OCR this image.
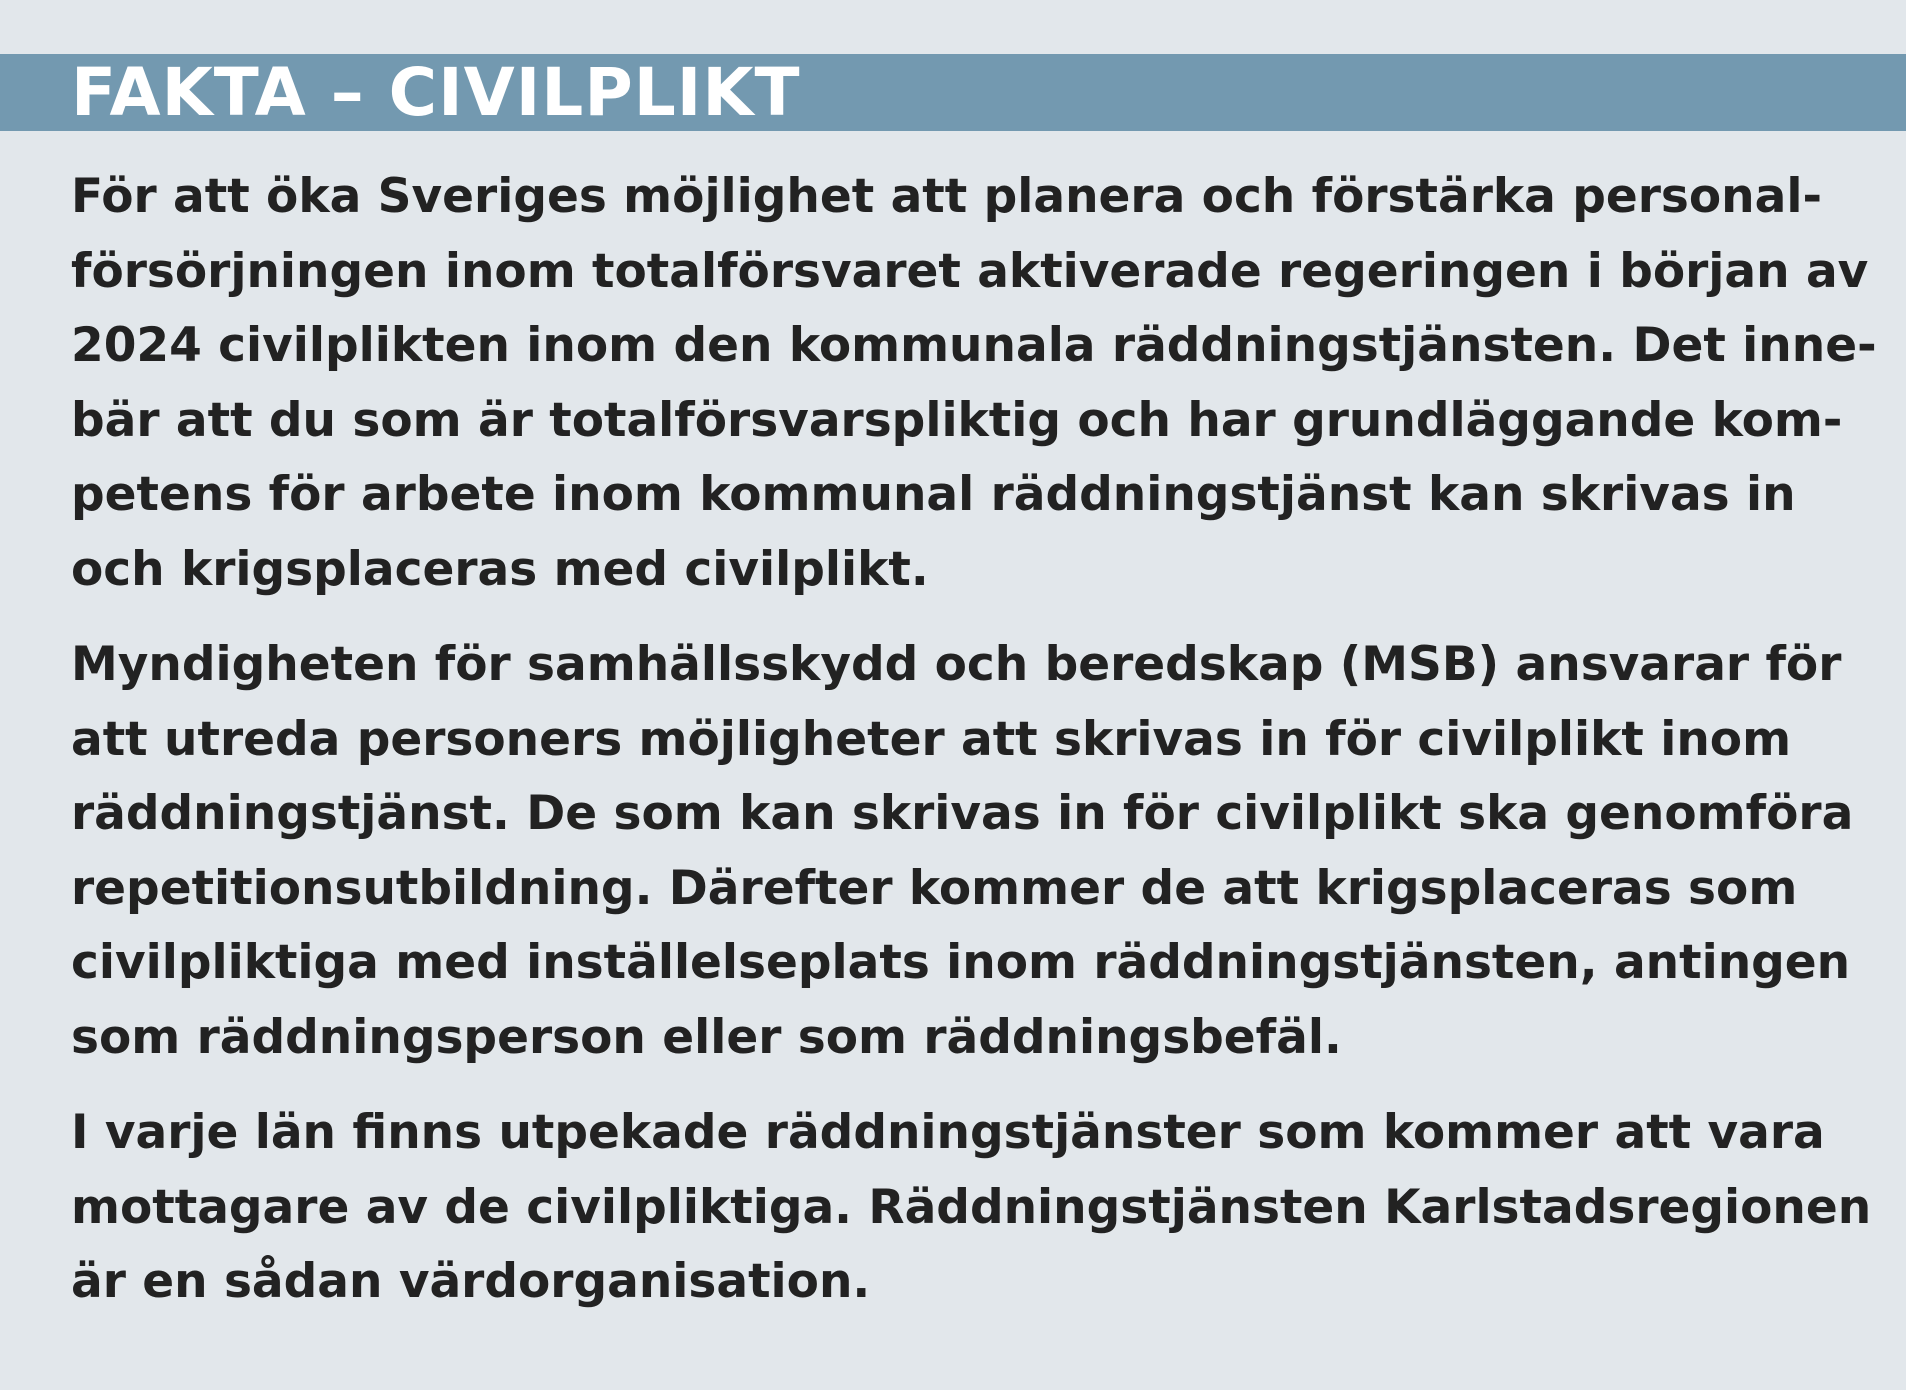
FAKTA – CIVILPLIKT

För att öka Sveriges möjlighet att planera och förstärka personal-
försörjningen inom totalförsvaret aktiverade regeringen i början av
2024 civilplikten inom den kommunala räddningstjänsten. Det inne-
bär att du som är totalförsvarspliktig och har grundläggande kom-
petens för arbete inom kommunal räddningstjänst kan skrivas in
och krigsplaceras med civilplikt.

Myndigheten för samhällsskydd och beredskap (MSB) ansvarar för
att utreda personers möjligheter att skrivas in för civilplikt inom
räddningstjänst. De som kan skrivas in för civilplikt ska genomföra
repetitionsutbildning. Därefter kommer de att krigsplaceras som
civilpliktiga med inställelseplats inom räddningstjänsten, antingen
som räddningsperson eller som räddningsbefäl.

I varje län finns utpekade räddningstjänster som kommer att vara
mottagare av de civilpliktiga. Räddningstjänsten Karlstadsregionen
är en sådan värdorganisation.
